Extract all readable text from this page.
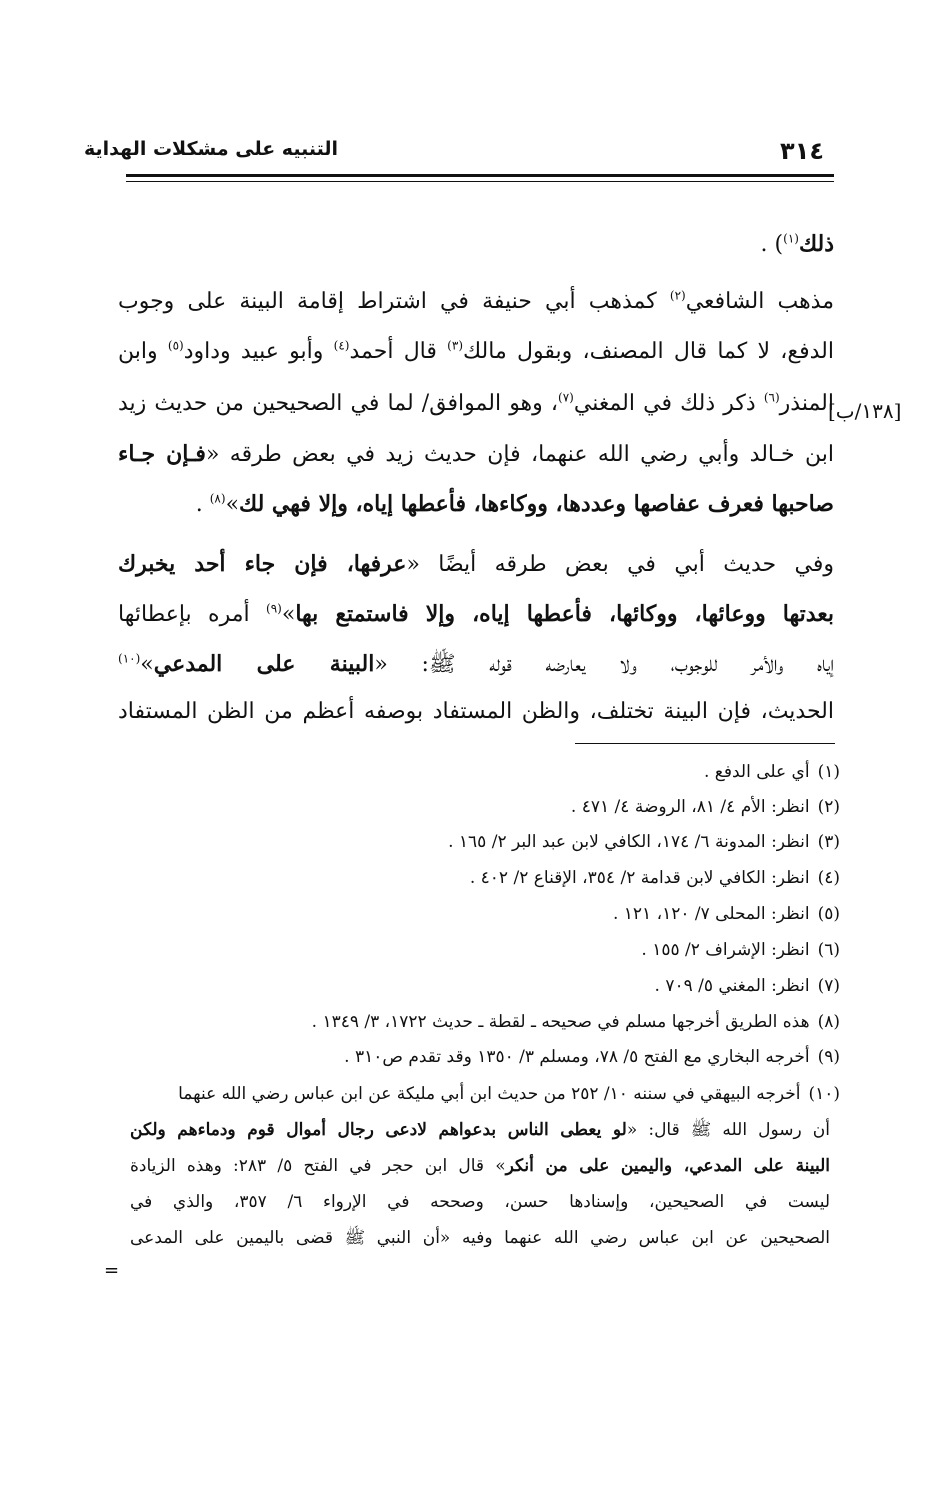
التنبيه على مشكلات الهداية	٣١٤
ذلك$^{(١)}$) .
مذهب الشافعي$^{(٢)}$ كمذهب أبي حنيفة في اشتراط إقامة البينة على وجوب
الدفع، لا كما قال المصنف، وبقول مالك$^{(٣)}$ قال أحمد$^{(٤)}$ وأبو عبيد وداود$^{(٥)}$ وابن
المنذر$^{(٦)}$ ذكر ذلك في المغني$^{(٧)}$، وهو الموافق/ لما في الصحيحين من حديث زيد	[١٣٨/ب]
ابن خـالد وأبي رضي الله عنهما، فإن حديث زيد في بعض طرقه «فـإن جـاء
صاحبها فعرف عفاصها وعددها، ووكاءها، فأعطها إياه، وإلا فهي لك»$^{(٨)}$ .
وفي حديث أبي في بعض طرقه أيضًا «عرفها، فإن جاء أحد يخبرك
بعدتها ووعائها، ووكائها، فأعطها إياه، وإلا فاستمتع بها»$^{(٩)}$ أمره بإعطائها
إياه والأمر للوجوب، ولا يعارضه قوله ﷺ: «البينة على المدعي»$^{(١٠)}$
الحديث، فإن البينة تختلف، والظن المستفاد بوصفه أعظم من الظن المستفاد
(١)أي على الدفع .
(٢)انظر: الأم ٤/ ٨١، الروضة ٤/ ٤٧١ .
(٣)انظر: المدونة ٦/ ١٧٤، الكافي لابن عبد البر ٢/ ١٦٥ .
(٤)انظر: الكافي لابن قدامة ٢/ ٣٥٤، الإقناع ٢/ ٤٠٢ .
(٥)انظر: المحلى ٧/ ١٢٠، ١٢١ .
(٦)انظر: الإشراف ٢/ ١٥٥ .
(٧)انظر: المغني ٥/ ٧٠٩ .
(٨)هذه الطريق أخرجها مسلم في صحيحه ـ لقطة ـ حديث ١٧٢٢، ٣/ ١٣٤٩ .
(٩)أخرجه البخاري مع الفتح ٥/ ٧٨، ومسلم ٣/ ١٣٥٠ وقد تقدم ص٣١٠ .
(١٠)أخرجه البيهقي في سننه ١٠/ ٢٥٢ من حديث ابن أبي مليكة عن ابن عباس رضي الله عنهما
أن رسول الله ﷺ قال: «لو يعطى الناس بدعواهم لادعى رجال أموال قوم ودماءهم ولكن
البينة على المدعي، واليمين على من أنكر» قال ابن حجر في الفتح ٥/ ٢٨٣: وهذه الزيادة
ليست في الصحيحين، وإسنادها حسن، وصححه في الإرواء ٦/ ٣٥٧، والذي في
الصحيحين عن ابن عباس رضي الله عنهما وفيه «أن النبي ﷺ قضى باليمين على المدعى
=
